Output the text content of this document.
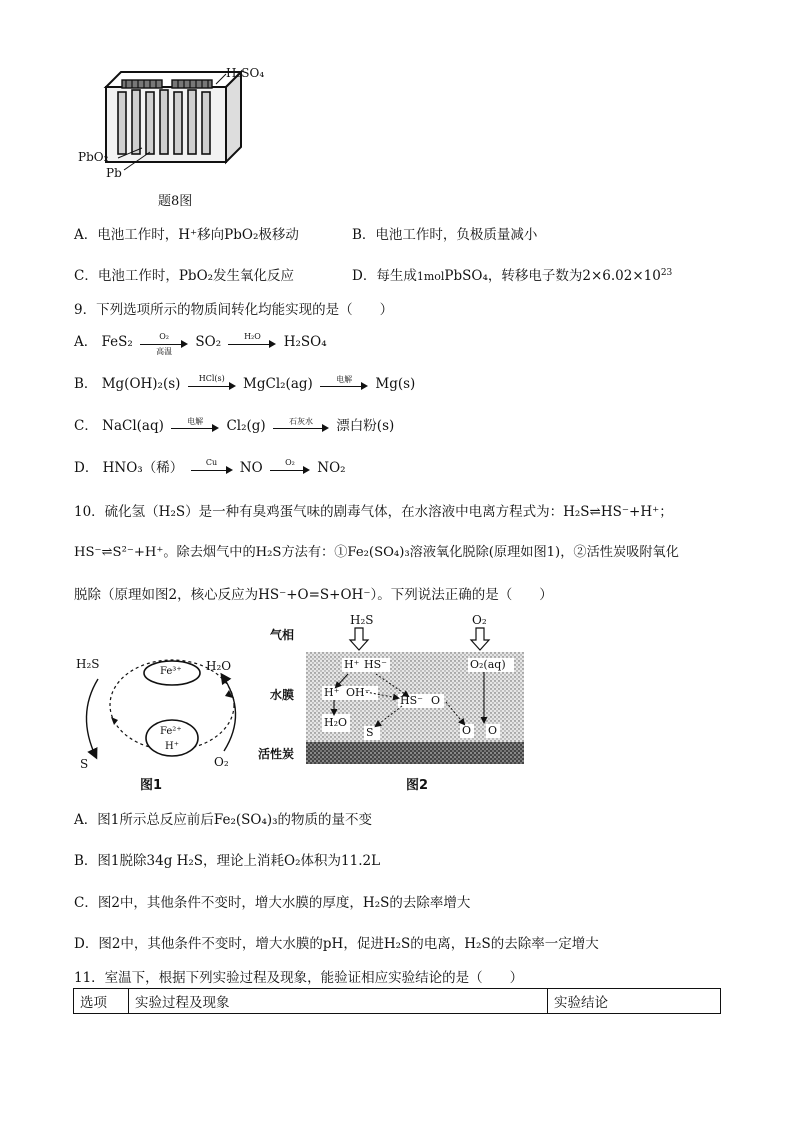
H₂SO₄
PbO₂
Pb
题8图
A．电池工作时，H⁺移向PbO₂极移动	B．电池工作时，负极质量减小
C．电池工作时，PbO₂发生氧化反应	D．每生成1molPbSO₄，转移电子数为$2\times 6.02\times 10^{23}$
9．下列选项所示的物质间转化均能实现的是（　　）
A． FeS₂	O₂
高温
SO₂	H₂O	H₂SO₄
B． Mg(OH)₂(s)	HCl(s)	MgCl₂(ag)	电解	Mg(s)
C． NaCl(aq)	电解	Cl₂(g)	石灰水	漂白粉(s)
D． HNO₃（稀）	Cu	NO	O₂	NO₂
10．硫化氢（H₂S）是一种有臭鸡蛋气味的剧毒气体，在水溶液中电离方程式为：H₂S⇌HS⁻+H⁺；
HS⁻⇌S²⁻+H⁺。除去烟气中的H₂S方法有：①Fe₂(SO₄)₃溶液氧化脱除(原理如图1)，②活性炭吸附氧化
脱除（原理如图2，核心反应为HS⁻+O=S+OH⁻）。下列说法正确的是（　　）
H₂S	H₂O
S	O₂
Fe³⁺
Fe²⁺
H⁺
图1
气相
水膜
活性炭
H₂S	O₂
H⁺ HS⁻	O₂(aq)
H⁺ OH⁻
HS⁻ O
H₂O
S	O O
图2
A．图1所示总反应前后Fe₂(SO₄)₃的物质的量不变
B．图1脱除34g H₂S，理论上消耗O₂体积为11.2L
C．图2中，其他条件不变时，增大水膜的厚度，H₂S的去除率增大
D．图2中，其他条件不变时，增大水膜的pH，促进H₂S的电离，H₂S的去除率一定增大
11．室温下，根据下列实验过程及现象，能验证相应实验结论的是（　　）
选项	实验过程及现象	实验结论
